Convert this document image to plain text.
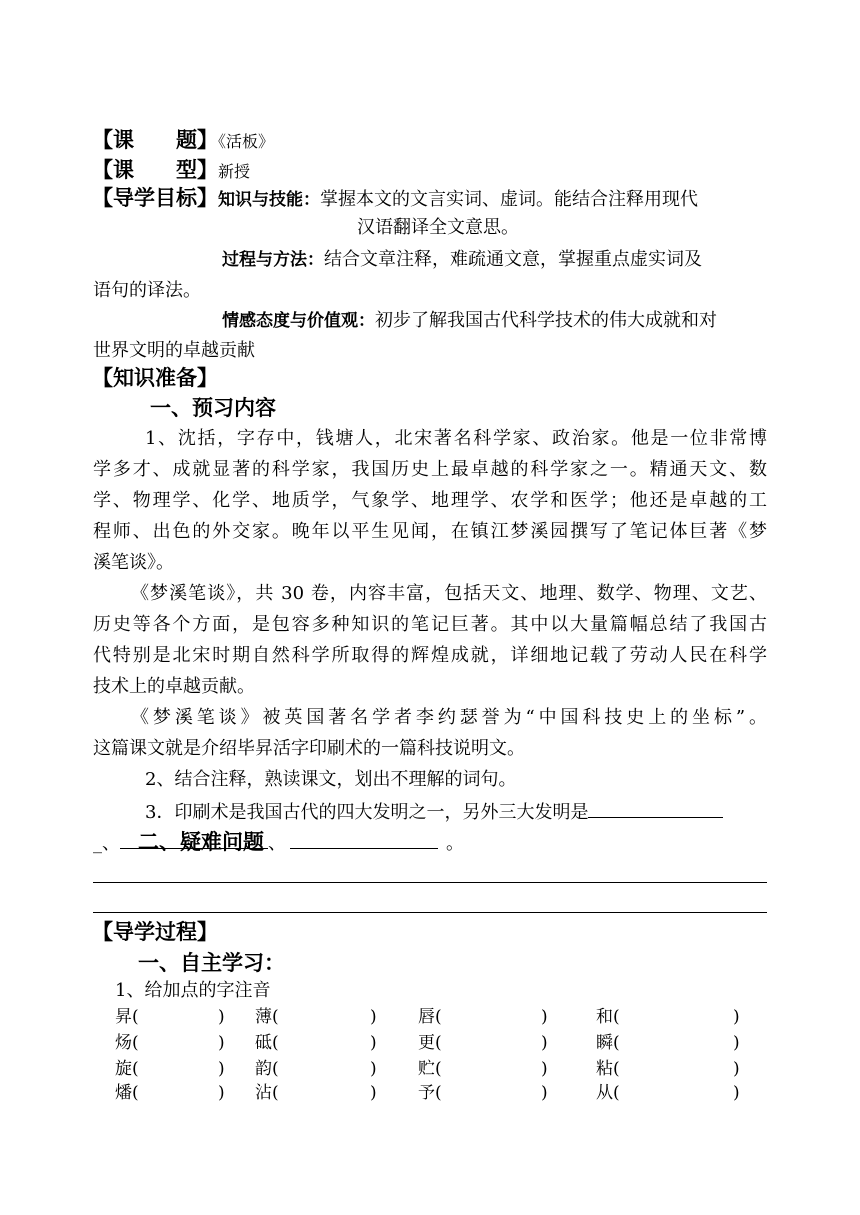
【课　　题】《活板》
【课　　型】新授
【导学目标】知识与技能：掌握本文的文言实词、虚词。能结合注释用现代
汉语翻译全文意思。
过程与方法：结合文章注释，难疏通文意，掌握重点虚实词及
语句的译法。
情感态度与价值观：初步了解我国古代科学技术的伟大成就和对
世界文明的卓越贡献
【知识准备】
一、预习内容
1、沈括，字存中，钱塘人，北宋著名科学家、政治家。他是一位非常博
学多才、成就显著的科学家，我国历史上最卓越的科学家之一。精通天文、数
学、物理学、化学、地质学，气象学、地理学、农学和医学；他还是卓越的工
程师、出色的外交家。晚年以平生见闻，在镇江梦溪园撰写了笔记体巨著《梦
溪笔谈》。
《梦溪笔谈》，共 30 卷，内容丰富，包括天文、地理、数学、物理、文艺、
历史等各个方面，是包容多种知识的笔记巨著。其中以大量篇幅总结了我国古
代特别是北宋时期自然科学所取得的辉煌成就，详细地记载了劳动人民在科学
技术上的卓越贡献。
《梦溪笔谈》被英国著名学者李约瑟誉为“中国科技史上的坐标”。
这篇课文就是介绍毕昇活字印刷术的一篇科技说明文。
2、结合注释，熟读课文，划出不理解的词句。
3．印刷术是我国古代的四大发明之一，另外三大发明是
_、	、	。
二、疑难问题
【导学过程】
一、自主学习：
1、给加点的字注音
昇(	) 薄(	) 唇(	)	和(	)
炀(	) 砥(	) 更(	)	瞬(	)
旋(	) 韵(	) 贮(	)	粘(	)
燔(	) 沾(	) 予(	)	从(	)
